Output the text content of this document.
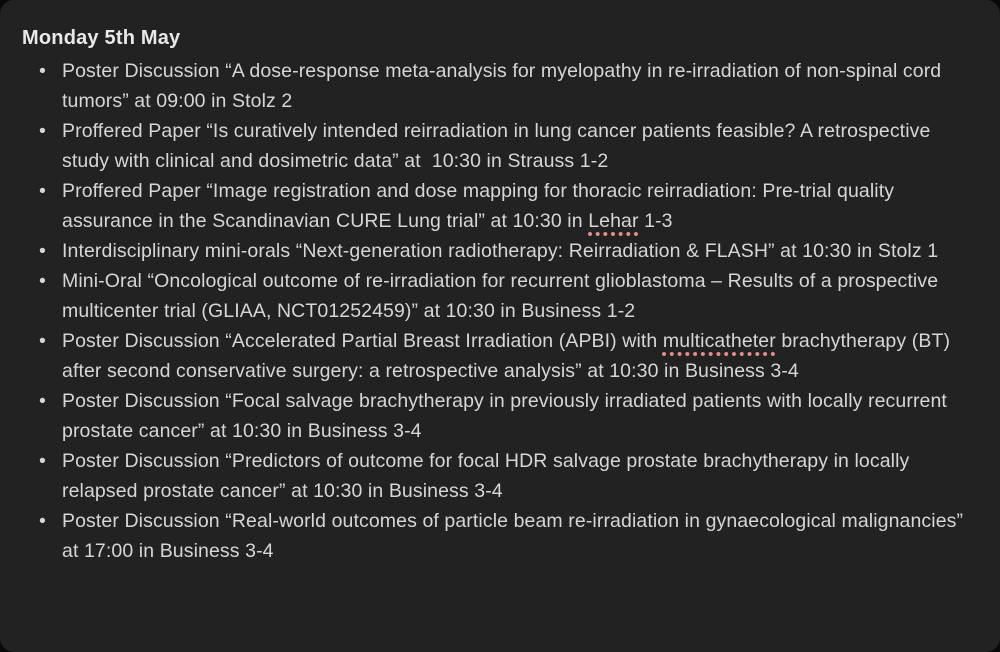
Monday 5th May
• Poster Discussion “A dose-response meta-analysis for myelopathy in re-irradiation of non-spinal cord tumors” at 09:00 in Stolz 2
• Proffered Paper “Is curatively intended reirradiation in lung cancer patients feasible? A retrospective study with clinical and dosimetric data” at  10:30 in Strauss 1-2
• Proffered Paper “Image registration and dose mapping for thoracic reirradiation: Pre-trial quality assurance in the Scandinavian CURE Lung trial” at 10:30 in Lehar 1-3
• Interdisciplinary mini-orals “Next-generation radiotherapy: Reirradiation & FLASH” at 10:30 in Stolz 1
• Mini-Oral “Oncological outcome of re-irradiation for recurrent glioblastoma – Results of a prospective multicenter trial (GLIAA, NCT01252459)” at 10:30 in Business 1-2
• Poster Discussion “Accelerated Partial Breast Irradiation (APBI) with multicatheter brachytherapy (BT) after second conservative surgery: a retrospective analysis” at 10:30 in Business 3-4
• Poster Discussion “Focal salvage brachytherapy in previously irradiated patients with locally recurrent prostate cancer” at 10:30 in Business 3-4
• Poster Discussion “Predictors of outcome for focal HDR salvage prostate brachytherapy in locally relapsed prostate cancer” at 10:30 in Business 3-4
• Poster Discussion “Real-world outcomes of particle beam re-irradiation in gynaecological malignancies” at 17:00 in Business 3-4
